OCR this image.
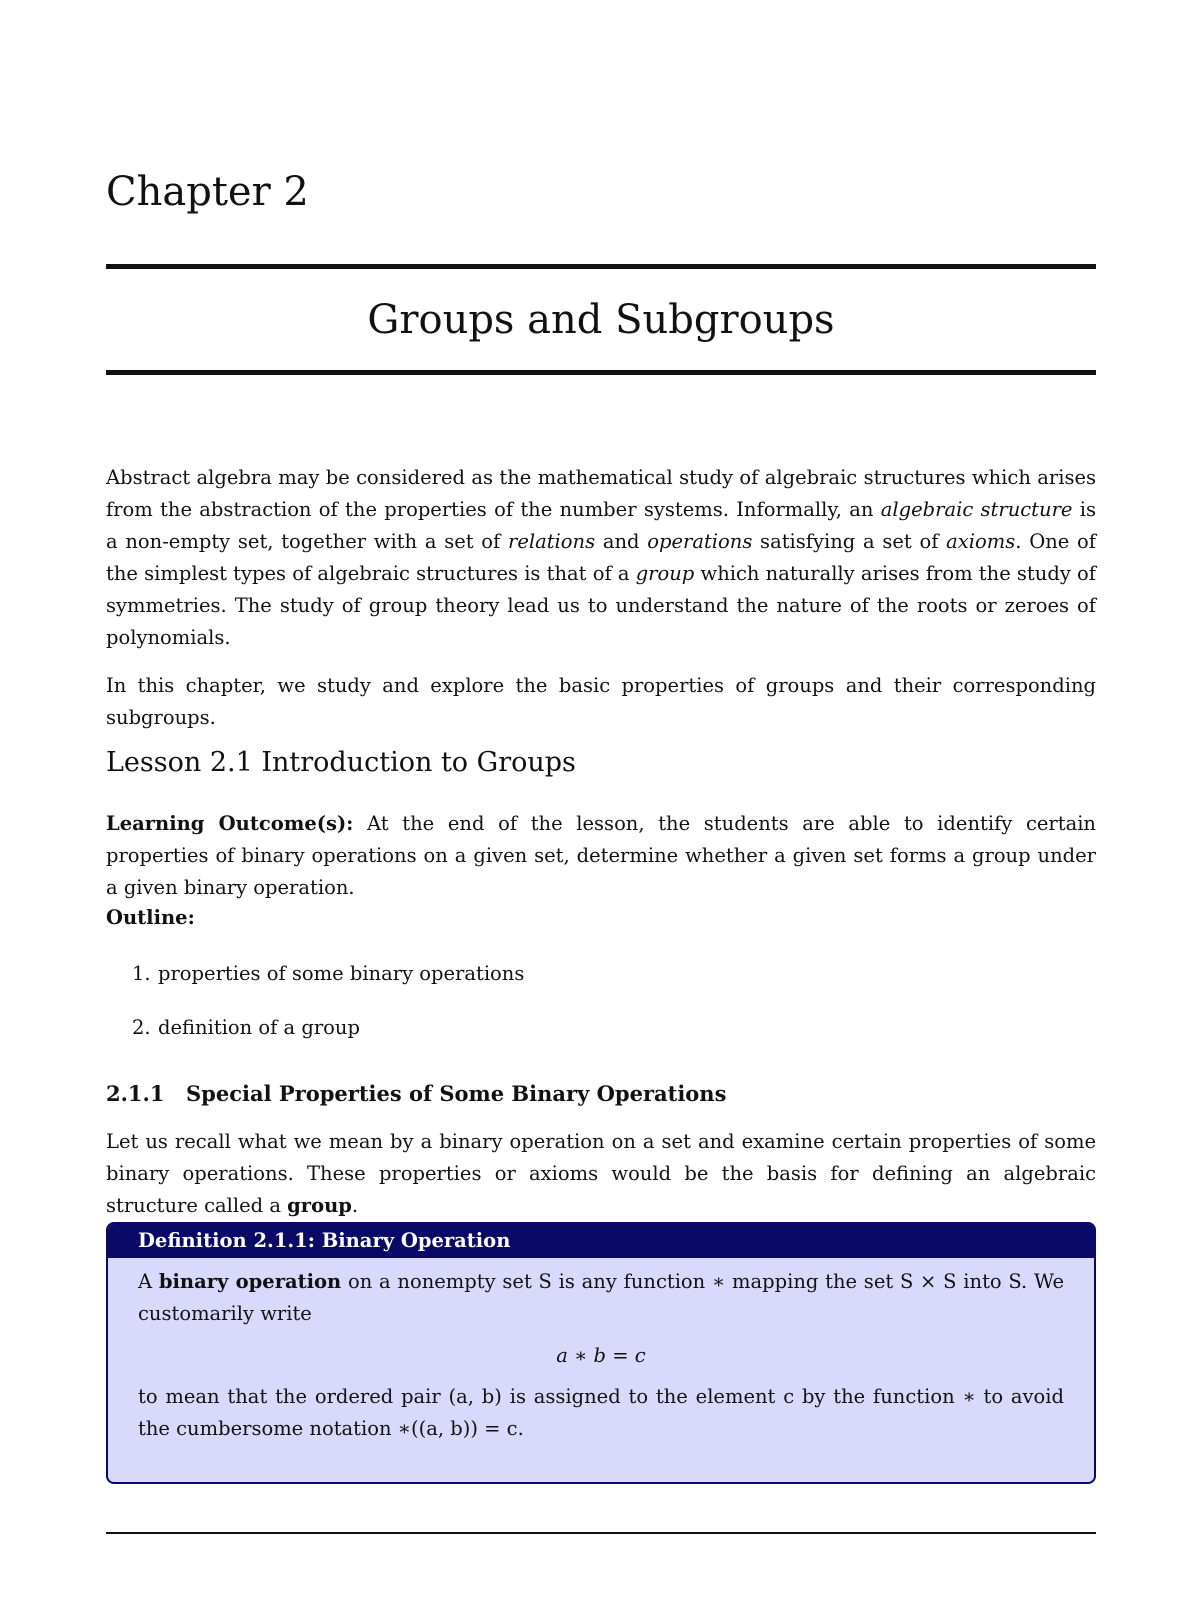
Chapter 2
Groups and Subgroups

Abstract algebra may be considered as the mathematical study of algebraic structures which arises from the abstraction of the properties of the number systems. Informally, an algebraic structure is a non-empty set, together with a set of relations and operations satisfying a set of axioms. One of the simplest types of algebraic structures is that of a group which naturally arises from the study of symmetries. The study of group theory lead us to understand the nature of the roots or zeroes of polynomials.

In this chapter, we study and explore the basic properties of groups and their corresponding subgroups.

Lesson 2.1 Introduction to Groups

Learning Outcome(s): At the end of the lesson, the students are able to identify certain properties of binary operations on a given set, determine whether a given set forms a group under a given binary operation.

Outline:
1. properties of some binary operations
2. definition of a group
2.1.1 Special Properties of Some Binary Operations

Let us recall what we mean by a binary operation on a set and examine certain properties of some binary operations. These properties or axioms would be the basis for defining an algebraic structure called a group.

Definition 2.1.1: Binary Operation

A binary operation on a nonempty set S is any function ∗ mapping the set S × S into S. We customarily write

a ∗ b = c

to mean that the ordered pair (a, b) is assigned to the element c by the function ∗ to avoid the cumbersome notation ∗((a, b)) = c.
